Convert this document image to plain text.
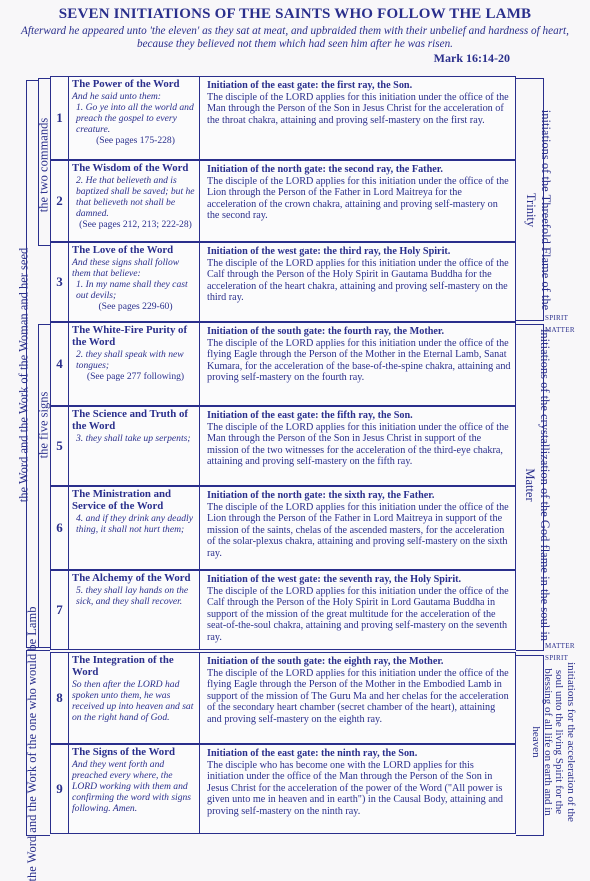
SEVEN INITIATIONS OF THE SAINTS WHO FOLLOW THE LAMB
Afterward he appeared unto 'the eleven' as they sat at meat, and upbraided them with their unbelief and hardness of heart, because they believed not them which had seen him after he was risen.
Mark 16:14-20
the Word and the Work of the Woman and her seed
the two commands
the five signs
the Word and the Work of the one who would be Lamb
initiations of the Threefold Flame of the Trinity
SPIRIT
MATTER
initiations of the crystallization of the God flame in the soul in Matter
MATTER
SPIRIT
initiations for the acceleration of the soul unto the living Spirit for the blessing of all life on earth and in heaven
1
The Power of the Word
And he said unto them:
1. Go ye into all the world and preach the gospel to every creature.
(See pages 175-228)
Initiation of the east gate: the first ray, the Son.
The disciple of the LORD applies for this initiation under the office of the Man through the Person of the Son in Jesus Christ for the acceleration of the throat chakra, attaining and proving self-mastery on the first ray.
2
The Wisdom of the Word
2. He that believeth and is baptized shall be saved; but he that believeth not shall be damned.
(See pages 212, 213; 222-28)
Initiation of the north gate: the second ray, the Father.
The disciple of the LORD applies for this initiation under the office of the Lion through the Person of the Father in Lord Maitreya for the acceleration of the crown chakra, attaining and proving self-mastery on the second ray.
3
The Love of the Word
And these signs shall follow them that believe:
1. In my name shall they cast out devils;
(See pages 229-60)
Initiation of the west gate: the third ray, the Holy Spirit.
The disciple of the LORD applies for this initiation under the office of the Calf through the Person of the Holy Spirit in Gautama Buddha for the acceleration of the heart chakra, attaining and proving self-mastery on the third ray.
4
The White-Fire Purity of the Word
2. they shall speak with new tongues;
(See page 277 following)
Initiation of the south gate: the fourth ray, the Mother.
The disciple of the LORD applies for this initiation under the office of the flying Eagle through the Person of the Mother in the Eternal Lamb, Sanat Kumara, for the acceleration of the base-of-the-spine chakra, attaining and proving self-mastery on the fourth ray.
5
The Science and Truth of the Word
3. they shall take up serpents;
Initiation of the east gate: the fifth ray, the Son.
The disciple of the LORD applies for this initiation under the office of the Man through the Person of the Son in Jesus Christ in support of the mission of the two witnesses for the acceleration of the third-eye chakra, attaining and proving self-mastery on the fifth ray.
6
The Ministration and Service of the Word
4. and if they drink any deadly thing, it shall not hurt them;
Initiation of the north gate: the sixth ray, the Father.
The disciple of the LORD applies for this initiation under the office of the Lion through the Person of the Father in Lord Maitreya in support of the mission of the saints, chelas of the ascended masters, for the acceleration of the solar-plexus chakra, attaining and proving self-mastery on the sixth ray.
7
The Alchemy of the Word
5. they shall lay hands on the sick, and they shall recover.
Initiation of the west gate: the seventh ray, the Holy Spirit.
The disciple of the LORD applies for this initiation under the office of the Calf through the Person of the Holy Spirit in Lord Gautama Buddha in support of the mission of the great multitude for the acceleration of the seat-of-the-soul chakra, attaining and proving self-mastery on the seventh ray.
8
The Integration of the Word
So then after the LORD had spoken unto them, he was received up into heaven and sat on the right hand of God.
Initiation of the south gate: the eighth ray, the Mother.
The disciple of the LORD applies for this initiation under the office of the flying Eagle through the Person of the Mother in the Embodied Lamb in support of the mission of The Guru Ma and her chelas for the acceleration of the secondary heart chamber (secret chamber of the heart), attaining and proving self-mastery on the eighth ray.
9
The Signs of the Word
And they went forth and preached every where, the LORD working with them and confirming the word with signs following. Amen.
Initiation of the east gate: the ninth ray, the Son.
The disciple who has become one with the LORD applies for this initiation under the office of the Man through the Person of the Son in Jesus Christ for the acceleration of the power of the Word ("All power is given unto me in heaven and in earth") in the Causal Body, attaining and proving self-mastery on the ninth ray.
